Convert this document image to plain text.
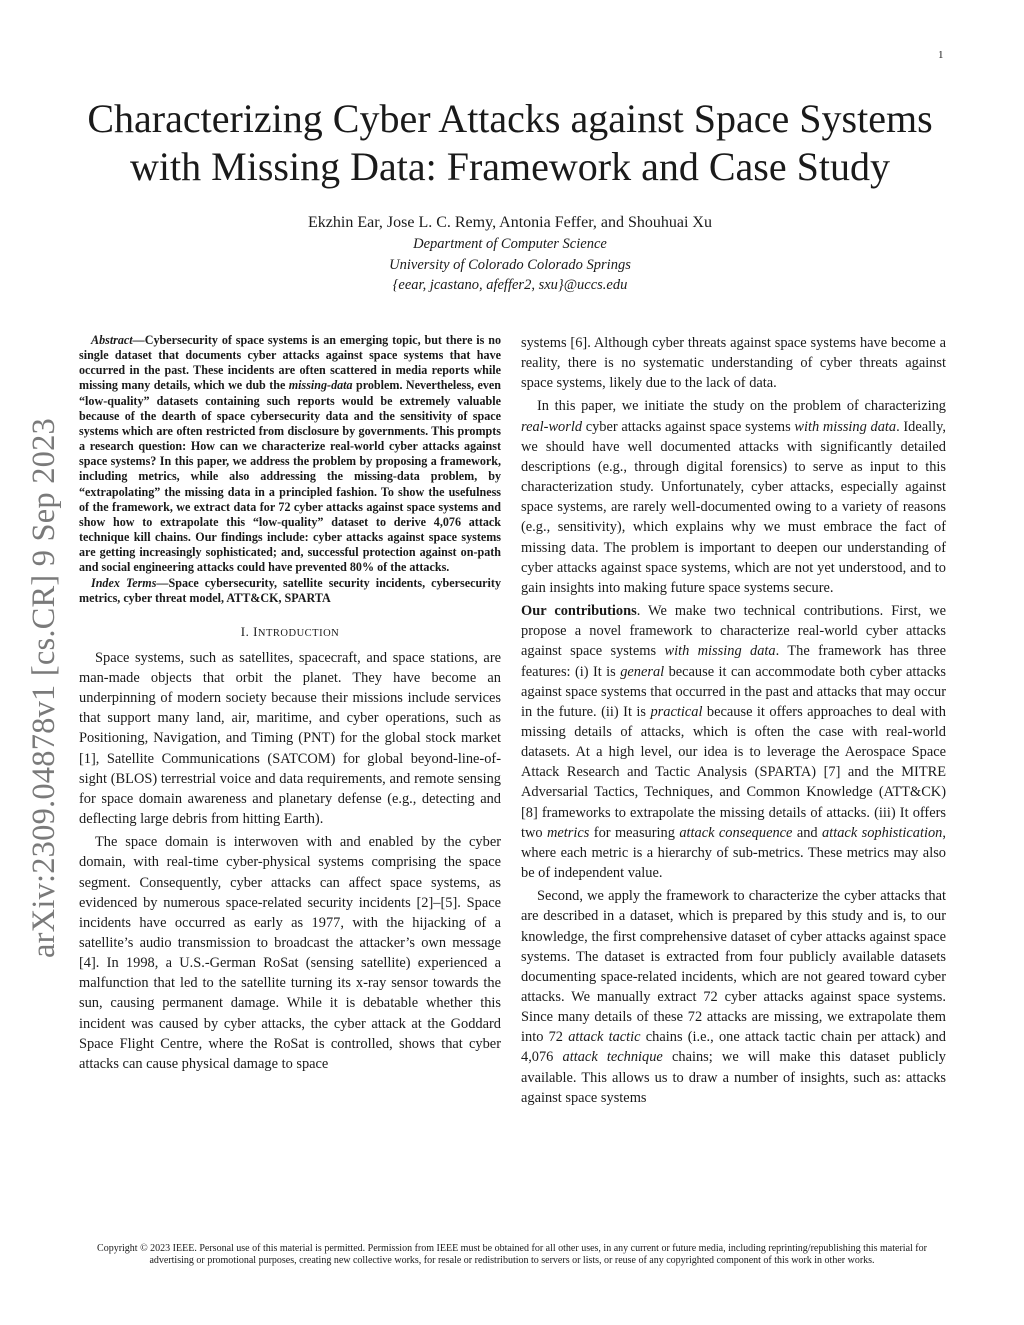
1
arXiv:2309.04878v1 [cs.CR] 9 Sep 2023
Characterizing Cyber Attacks against Space Systems
with Missing Data: Framework and Case Study
Ekzhin Ear, Jose L. C. Remy, Antonia Feffer, and Shouhuai Xu
Department of Computer Science
University of Colorado Colorado Springs
{eear, jcastano, afeffer2, sxu}@uccs.edu

Abstract—Cybersecurity of space systems is an emerging topic, but there is no single dataset that documents cyber attacks against space systems that have occurred in the past. These incidents are often scattered in media reports while missing many details, which we dub the missing-data problem. Nevertheless, even “low-quality” datasets containing such reports would be extremely valuable because of the dearth of space cybersecurity data and the sensitivity of space systems which are often restricted from disclosure by governments. This prompts a research question: How can we characterize real-world cyber attacks against space systems? In this paper, we address the problem by proposing a framework, including metrics, while also addressing the missing-data problem, by “extrapolating” the missing data in a principled fashion. To show the usefulness of the framework, we extract data for 72 cyber attacks against space systems and show how to extrapolate this “low-quality” dataset to derive 4,076 attack technique kill chains. Our findings include: cyber attacks against space systems are getting increasingly sophisticated; and, successful protection against on-path and social engineering attacks could have prevented 80% of the attacks.

Index Terms—Space cybersecurity, satellite security incidents, cybersecurity metrics, cyber threat model, ATT&CK, SPARTA

I. INTRODUCTION

Space systems, such as satellites, spacecraft, and space stations, are man-made objects that orbit the planet. They have become an underpinning of modern society because their missions include services that support many land, air, maritime, and cyber operations, such as Positioning, Navigation, and Timing (PNT) for the global stock market [1], Satellite Communications (SATCOM) for global beyond-line-of-sight (BLOS) terrestrial voice and data requirements, and remote sensing for space domain awareness and planetary defense (e.g., detecting and deflecting large debris from hitting Earth).

The space domain is interwoven with and enabled by the cyber domain, with real-time cyber-physical systems comprising the space segment. Consequently, cyber attacks can affect space systems, as evidenced by numerous space-related security incidents [2]–[5]. Space incidents have occurred as early as 1977, with the hijacking of a satellite’s audio transmission to broadcast the attacker’s own message [4]. In 1998, a U.S.-German RoSat (sensing satellite) experienced a malfunction that led to the satellite turning its x-ray sensor towards the sun, causing permanent damage. While it is debatable whether this incident was caused by cyber attacks, the cyber attack at the Goddard Space Flight Centre, where the RoSat is controlled, shows that cyber attacks can cause physical damage to space

systems [6]. Although cyber threats against space systems have become a reality, there is no systematic understanding of cyber threats against space systems, likely due to the lack of data.

In this paper, we initiate the study on the problem of characterizing real-world cyber attacks against space systems with missing data. Ideally, we should have well documented attacks with significantly detailed descriptions (e.g., through digital forensics) to serve as input to this characterization study. Unfortunately, cyber attacks, especially against space systems, are rarely well-documented owing to a variety of reasons (e.g., sensitivity), which explains why we must embrace the fact of missing data. The problem is important to deepen our understanding of cyber attacks against space systems, which are not yet understood, and to gain insights into making future space systems secure.

Our contributions. We make two technical contributions. First, we propose a novel framework to characterize real-world cyber attacks against space systems with missing data. The framework has three features: (i) It is general because it can accommodate both cyber attacks against space systems that occurred in the past and attacks that may occur in the future. (ii) It is practical because it offers approaches to deal with missing details of attacks, which is often the case with real-world datasets. At a high level, our idea is to leverage the Aerospace Space Attack Research and Tactic Analysis (SPARTA) [7] and the MITRE Adversarial Tactics, Techniques, and Common Knowledge (ATT&CK) [8] frameworks to extrapolate the missing details of attacks. (iii) It offers two metrics for measuring attack consequence and attack sophistication, where each metric is a hierarchy of sub-metrics. These metrics may also be of independent value.

Second, we apply the framework to characterize the cyber attacks that are described in a dataset, which is prepared by this study and is, to our knowledge, the first comprehensive dataset of cyber attacks against space systems. The dataset is extracted from four publicly available datasets documenting space-related incidents, which are not geared toward cyber attacks. We manually extract 72 cyber attacks against space systems. Since many details of these 72 attacks are missing, we extrapolate them into 72 attack tactic chains (i.e., one attack tactic chain per attack) and 4,076 attack technique chains; we will make this dataset publicly available. This allows us to draw a number of insights, such as: attacks against space systems

Copyright © 2023 IEEE. Personal use of this material is permitted. Permission from IEEE must be obtained for all other uses, in any current or future media, including reprinting/republishing this material for advertising or promotional purposes, creating new collective works, for resale or redistribution to servers or lists, or reuse of any copyrighted component of this work in other works.
